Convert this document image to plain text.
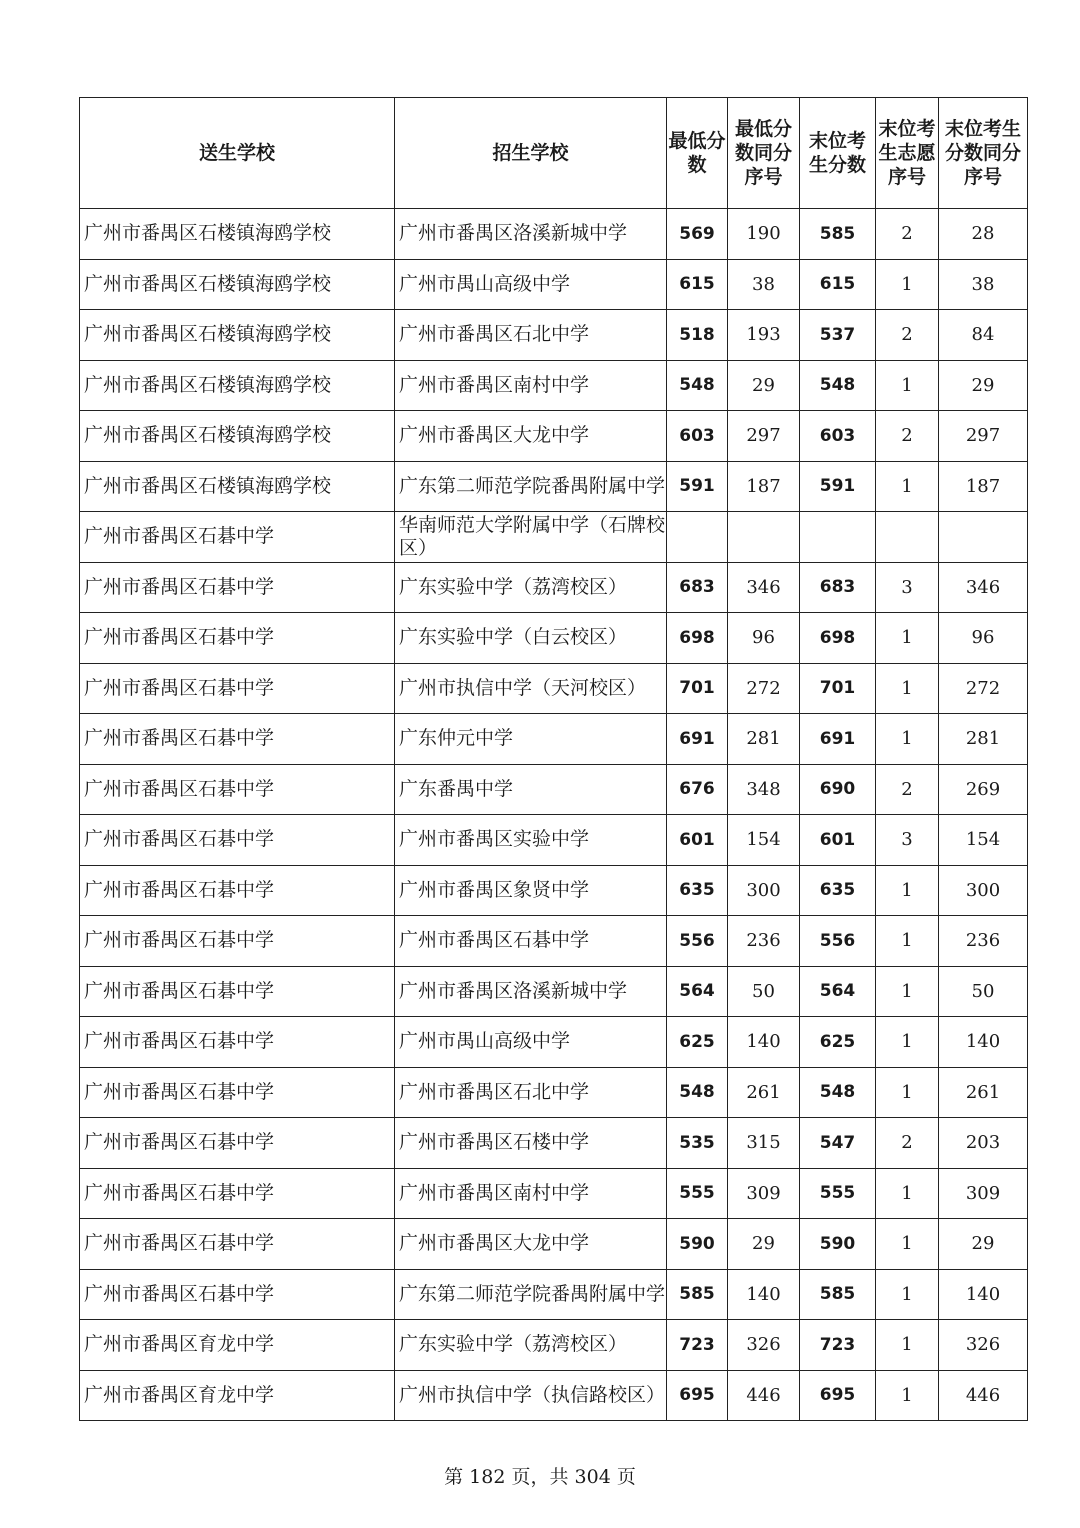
送生学校	招生学校	最低分数	最低分数同分序号	末位考生分数	末位考生志愿序号	末位考生分数同分序号
广州市番禺区石楼镇海鸥学校	广州市番禺区洛溪新城中学	569	190	585	2	28
广州市番禺区石楼镇海鸥学校	广州市禺山高级中学	615	38	615	1	38
广州市番禺区石楼镇海鸥学校	广州市番禺区石北中学	518	193	537	2	84
广州市番禺区石楼镇海鸥学校	广州市番禺区南村中学	548	29	548	1	29
广州市番禺区石楼镇海鸥学校	广州市番禺区大龙中学	603	297	603	2	297
广州市番禺区石楼镇海鸥学校	广东第二师范学院番禺附属中学	591	187	591	1	187
广州市番禺区石碁中学	华南师范大学附属中学（石牌校区）					
广州市番禺区石碁中学	广东实验中学（荔湾校区）	683	346	683	3	346
广州市番禺区石碁中学	广东实验中学（白云校区）	698	96	698	1	96
广州市番禺区石碁中学	广州市执信中学（天河校区）	701	272	701	1	272
广州市番禺区石碁中学	广东仲元中学	691	281	691	1	281
广州市番禺区石碁中学	广东番禺中学	676	348	690	2	269
广州市番禺区石碁中学	广州市番禺区实验中学	601	154	601	3	154
广州市番禺区石碁中学	广州市番禺区象贤中学	635	300	635	1	300
广州市番禺区石碁中学	广州市番禺区石碁中学	556	236	556	1	236
广州市番禺区石碁中学	广州市番禺区洛溪新城中学	564	50	564	1	50
广州市番禺区石碁中学	广州市禺山高级中学	625	140	625	1	140
广州市番禺区石碁中学	广州市番禺区石北中学	548	261	548	1	261
广州市番禺区石碁中学	广州市番禺区石楼中学	535	315	547	2	203
广州市番禺区石碁中学	广州市番禺区南村中学	555	309	555	1	309
广州市番禺区石碁中学	广州市番禺区大龙中学	590	29	590	1	29
广州市番禺区石碁中学	广东第二师范学院番禺附属中学	585	140	585	1	140
广州市番禺区育龙中学	广东实验中学（荔湾校区）	723	326	723	1	326
广州市番禺区育龙中学	广州市执信中学（执信路校区）	695	446	695	1	446
第 182 页，共 304 页
